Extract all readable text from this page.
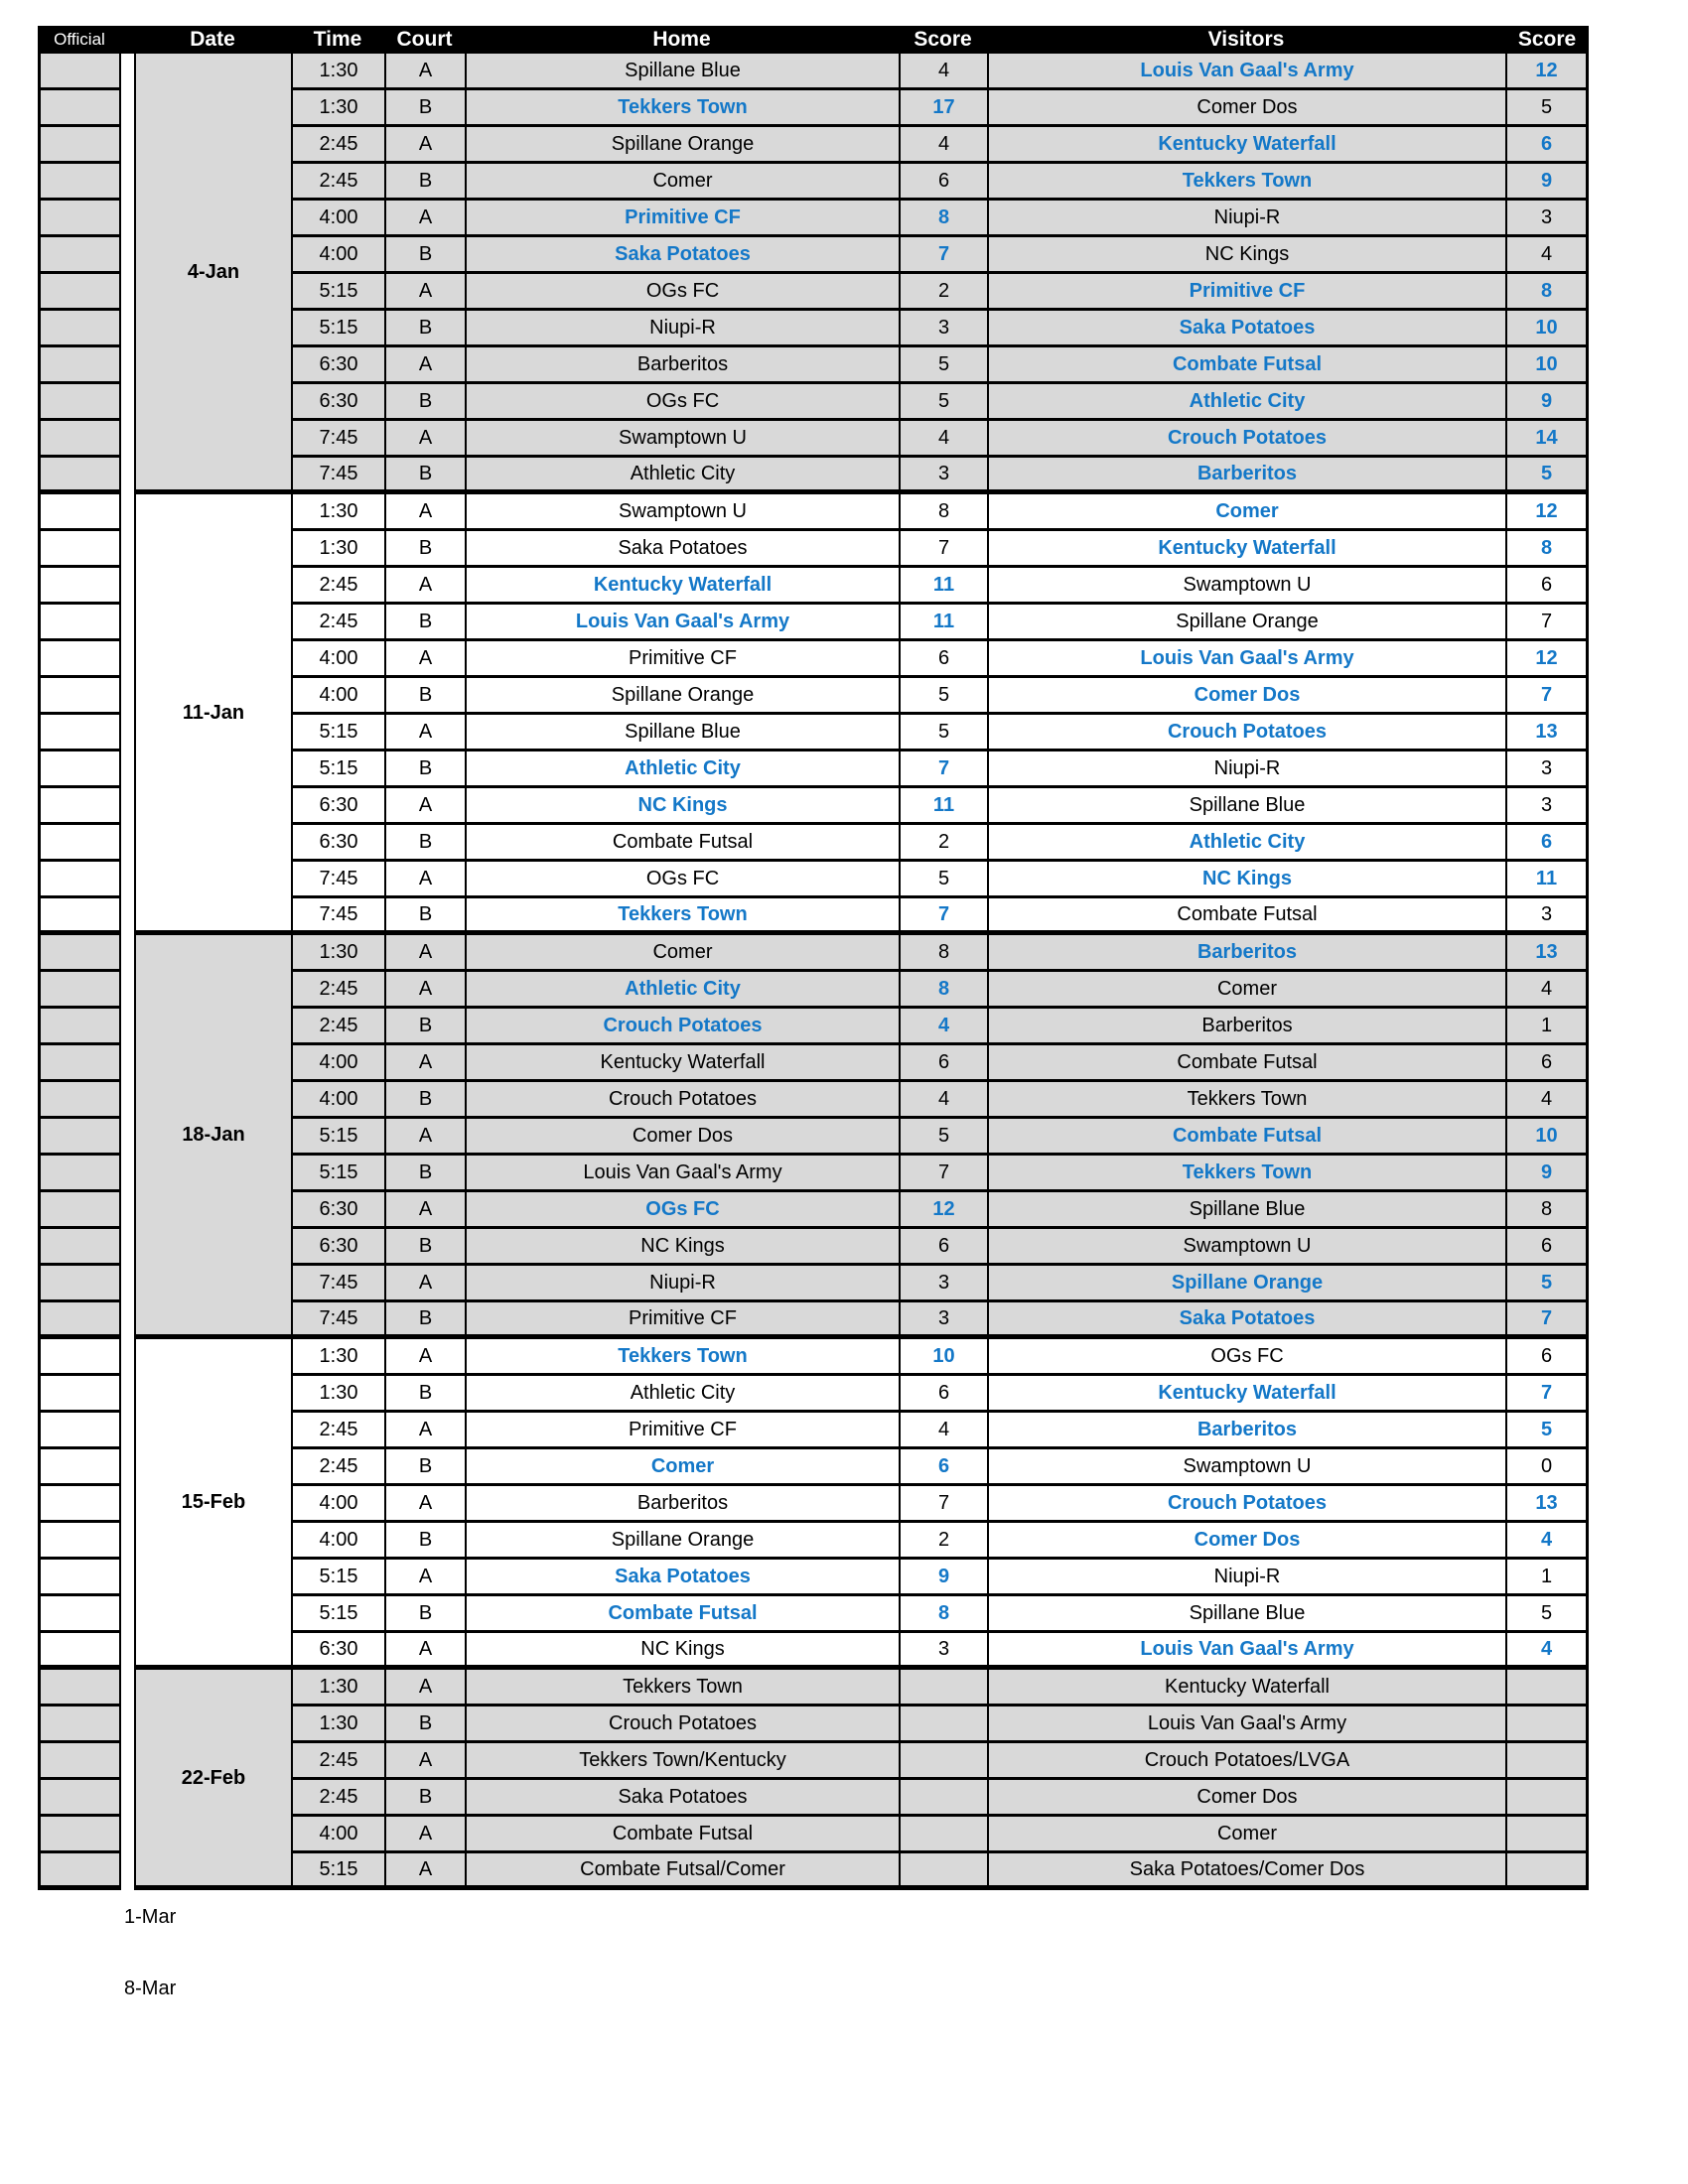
Official	Date	Time	Court	Home	Score	Visitors	Score
4-Jan
1:30	A	Spillane Blue	4	Louis Van Gaal's Army	12
1:30	B	Tekkers Town	17	Comer Dos	5
2:45	A	Spillane Orange	4	Kentucky Waterfall	6
2:45	B	Comer	6	Tekkers Town	9
4:00	A	Primitive CF	8	Niupi-R	3
4:00	B	Saka Potatoes	7	NC Kings	4
5:15	A	OGs FC	2	Primitive CF	8
5:15	B	Niupi-R	3	Saka Potatoes	10
6:30	A	Barberitos	5	Combate Futsal	10
6:30	B	OGs FC	5	Athletic City	9
7:45	A	Swamptown U	4	Crouch Potatoes	14
7:45	B	Athletic City	3	Barberitos	5
11-Jan
1:30	A	Swamptown U	8	Comer	12
1:30	B	Saka Potatoes	7	Kentucky Waterfall	8
2:45	A	Kentucky Waterfall	11	Swamptown U	6
2:45	B	Louis Van Gaal's Army	11	Spillane Orange	7
4:00	A	Primitive CF	6	Louis Van Gaal's Army	12
4:00	B	Spillane Orange	5	Comer Dos	7
5:15	A	Spillane Blue	5	Crouch Potatoes	13
5:15	B	Athletic City	7	Niupi-R	3
6:30	A	NC Kings	11	Spillane Blue	3
6:30	B	Combate Futsal	2	Athletic City	6
7:45	A	OGs FC	5	NC Kings	11
7:45	B	Tekkers Town	7	Combate Futsal	3
18-Jan
1:30	A	Comer	8	Barberitos	13
2:45	A	Athletic City	8	Comer	4
2:45	B	Crouch Potatoes	4	Barberitos	1
4:00	A	Kentucky Waterfall	6	Combate Futsal	6
4:00	B	Crouch Potatoes	4	Tekkers Town	4
5:15	A	Comer Dos	5	Combate Futsal	10
5:15	B	Louis Van Gaal's Army	7	Tekkers Town	9
6:30	A	OGs FC	12	Spillane Blue	8
6:30	B	NC Kings	6	Swamptown U	6
7:45	A	Niupi-R	3	Spillane Orange	5
7:45	B	Primitive CF	3	Saka Potatoes	7
15-Feb
1:30	A	Tekkers Town	10	OGs FC	6
1:30	B	Athletic City	6	Kentucky Waterfall	7
2:45	A	Primitive CF	4	Barberitos	5
2:45	B	Comer	6	Swamptown U	0
4:00	A	Barberitos	7	Crouch Potatoes	13
4:00	B	Spillane Orange	2	Comer Dos	4
5:15	A	Saka Potatoes	9	Niupi-R	1
5:15	B	Combate Futsal	8	Spillane Blue	5
6:30	A	NC Kings	3	Louis Van Gaal's Army	4
22-Feb
1:30	A	Tekkers Town	Kentucky Waterfall
1:30	B	Crouch Potatoes	Louis Van Gaal's Army
2:45	A	Tekkers Town/Kentucky	Crouch Potatoes/LVGA
2:45	B	Saka Potatoes	Comer Dos
4:00	A	Combate Futsal	Comer
5:15	A	Combate Futsal/Comer	Saka Potatoes/Comer Dos
1-Mar
8-Mar
